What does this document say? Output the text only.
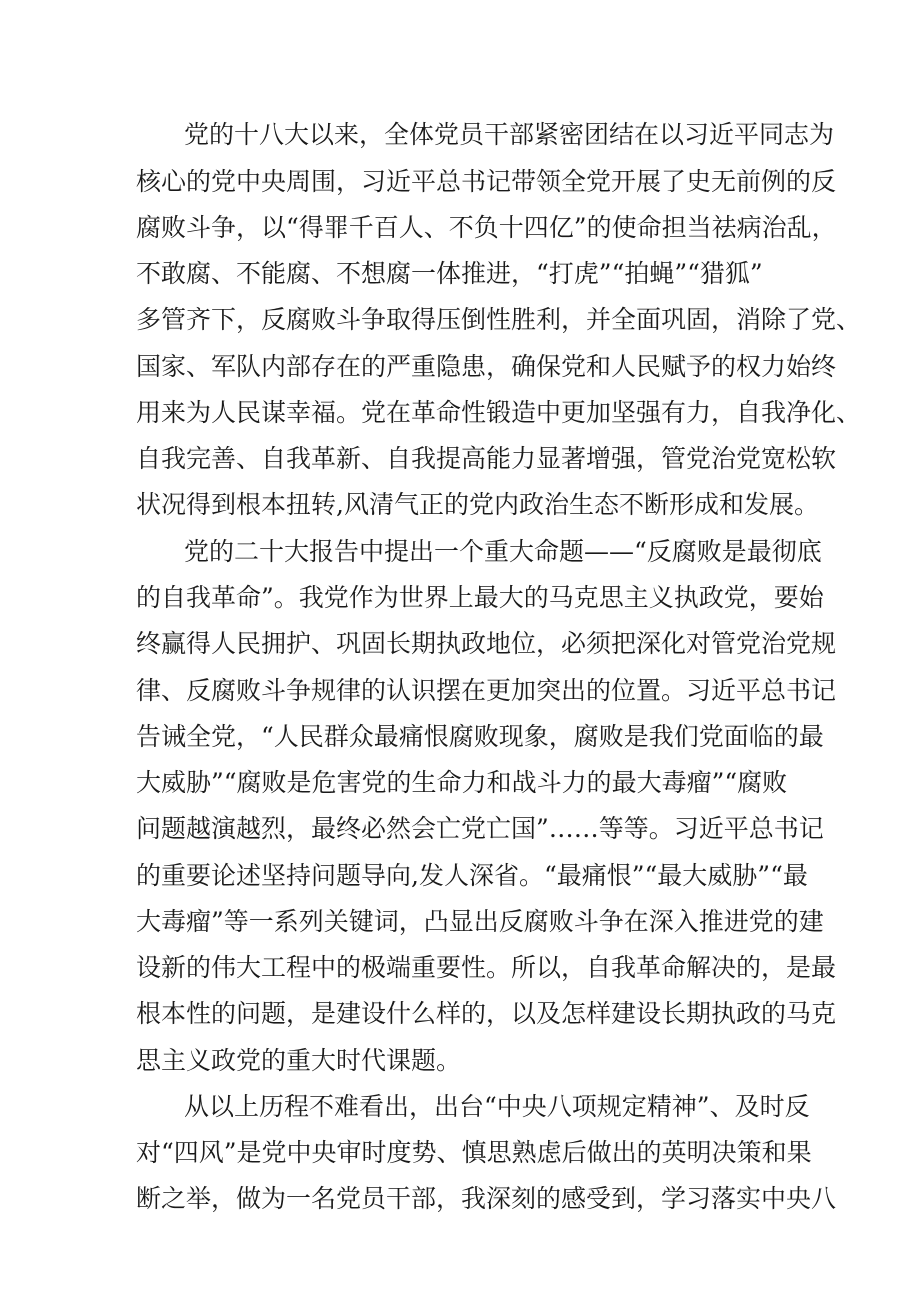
党的十八大以来，全体党员干部紧密团结在以习近平同志为
核心的党中央周围，习近平总书记带领全党开展了史无前例的反
腐败斗争，以“得罪千百人、不负十四亿”的使命担当祛病治乱，
不敢腐、不能腐、不想腐一体推进，“打虎”“拍蝇”“猎狐”
多管齐下，反腐败斗争取得压倒性胜利，并全面巩固，消除了党、
国家、军队内部存在的严重隐患，确保党和人民赋予的权力始终
用来为人民谋幸福。党在革命性锻造中更加坚强有力，自我净化、
自我完善、自我革新、自我提高能力显著增强，管党治党宽松软
状况得到根本扭转,风清气正的党内政治生态不断形成和发展。
党的二十大报告中提出一个重大命题——“反腐败是最彻底
的自我革命”。我党作为世界上最大的马克思主义执政党，要始
终赢得人民拥护、巩固长期执政地位，必须把深化对管党治党规
律、反腐败斗争规律的认识摆在更加突出的位置。习近平总书记
告诫全党，“人民群众最痛恨腐败现象，腐败是我们党面临的最
大威胁”“腐败是危害党的生命力和战斗力的最大毒瘤”“腐败
问题越演越烈，最终必然会亡党亡国”……等等。习近平总书记
的重要论述坚持问题导向,发人深省。“最痛恨”“最大威胁”“最
大毒瘤”等一系列关键词，凸显出反腐败斗争在深入推进党的建
设新的伟大工程中的极端重要性。所以，自我革命解决的，是最
根本性的问题，是建设什么样的，以及怎样建设长期执政的马克
思主义政党的重大时代课题。
从以上历程不难看出，出台“中央八项规定精神”、及时反
对“四风”是党中央审时度势、慎思熟虑后做出的英明决策和果
断之举，做为一名党员干部，我深刻的感受到，学习落实中央八
